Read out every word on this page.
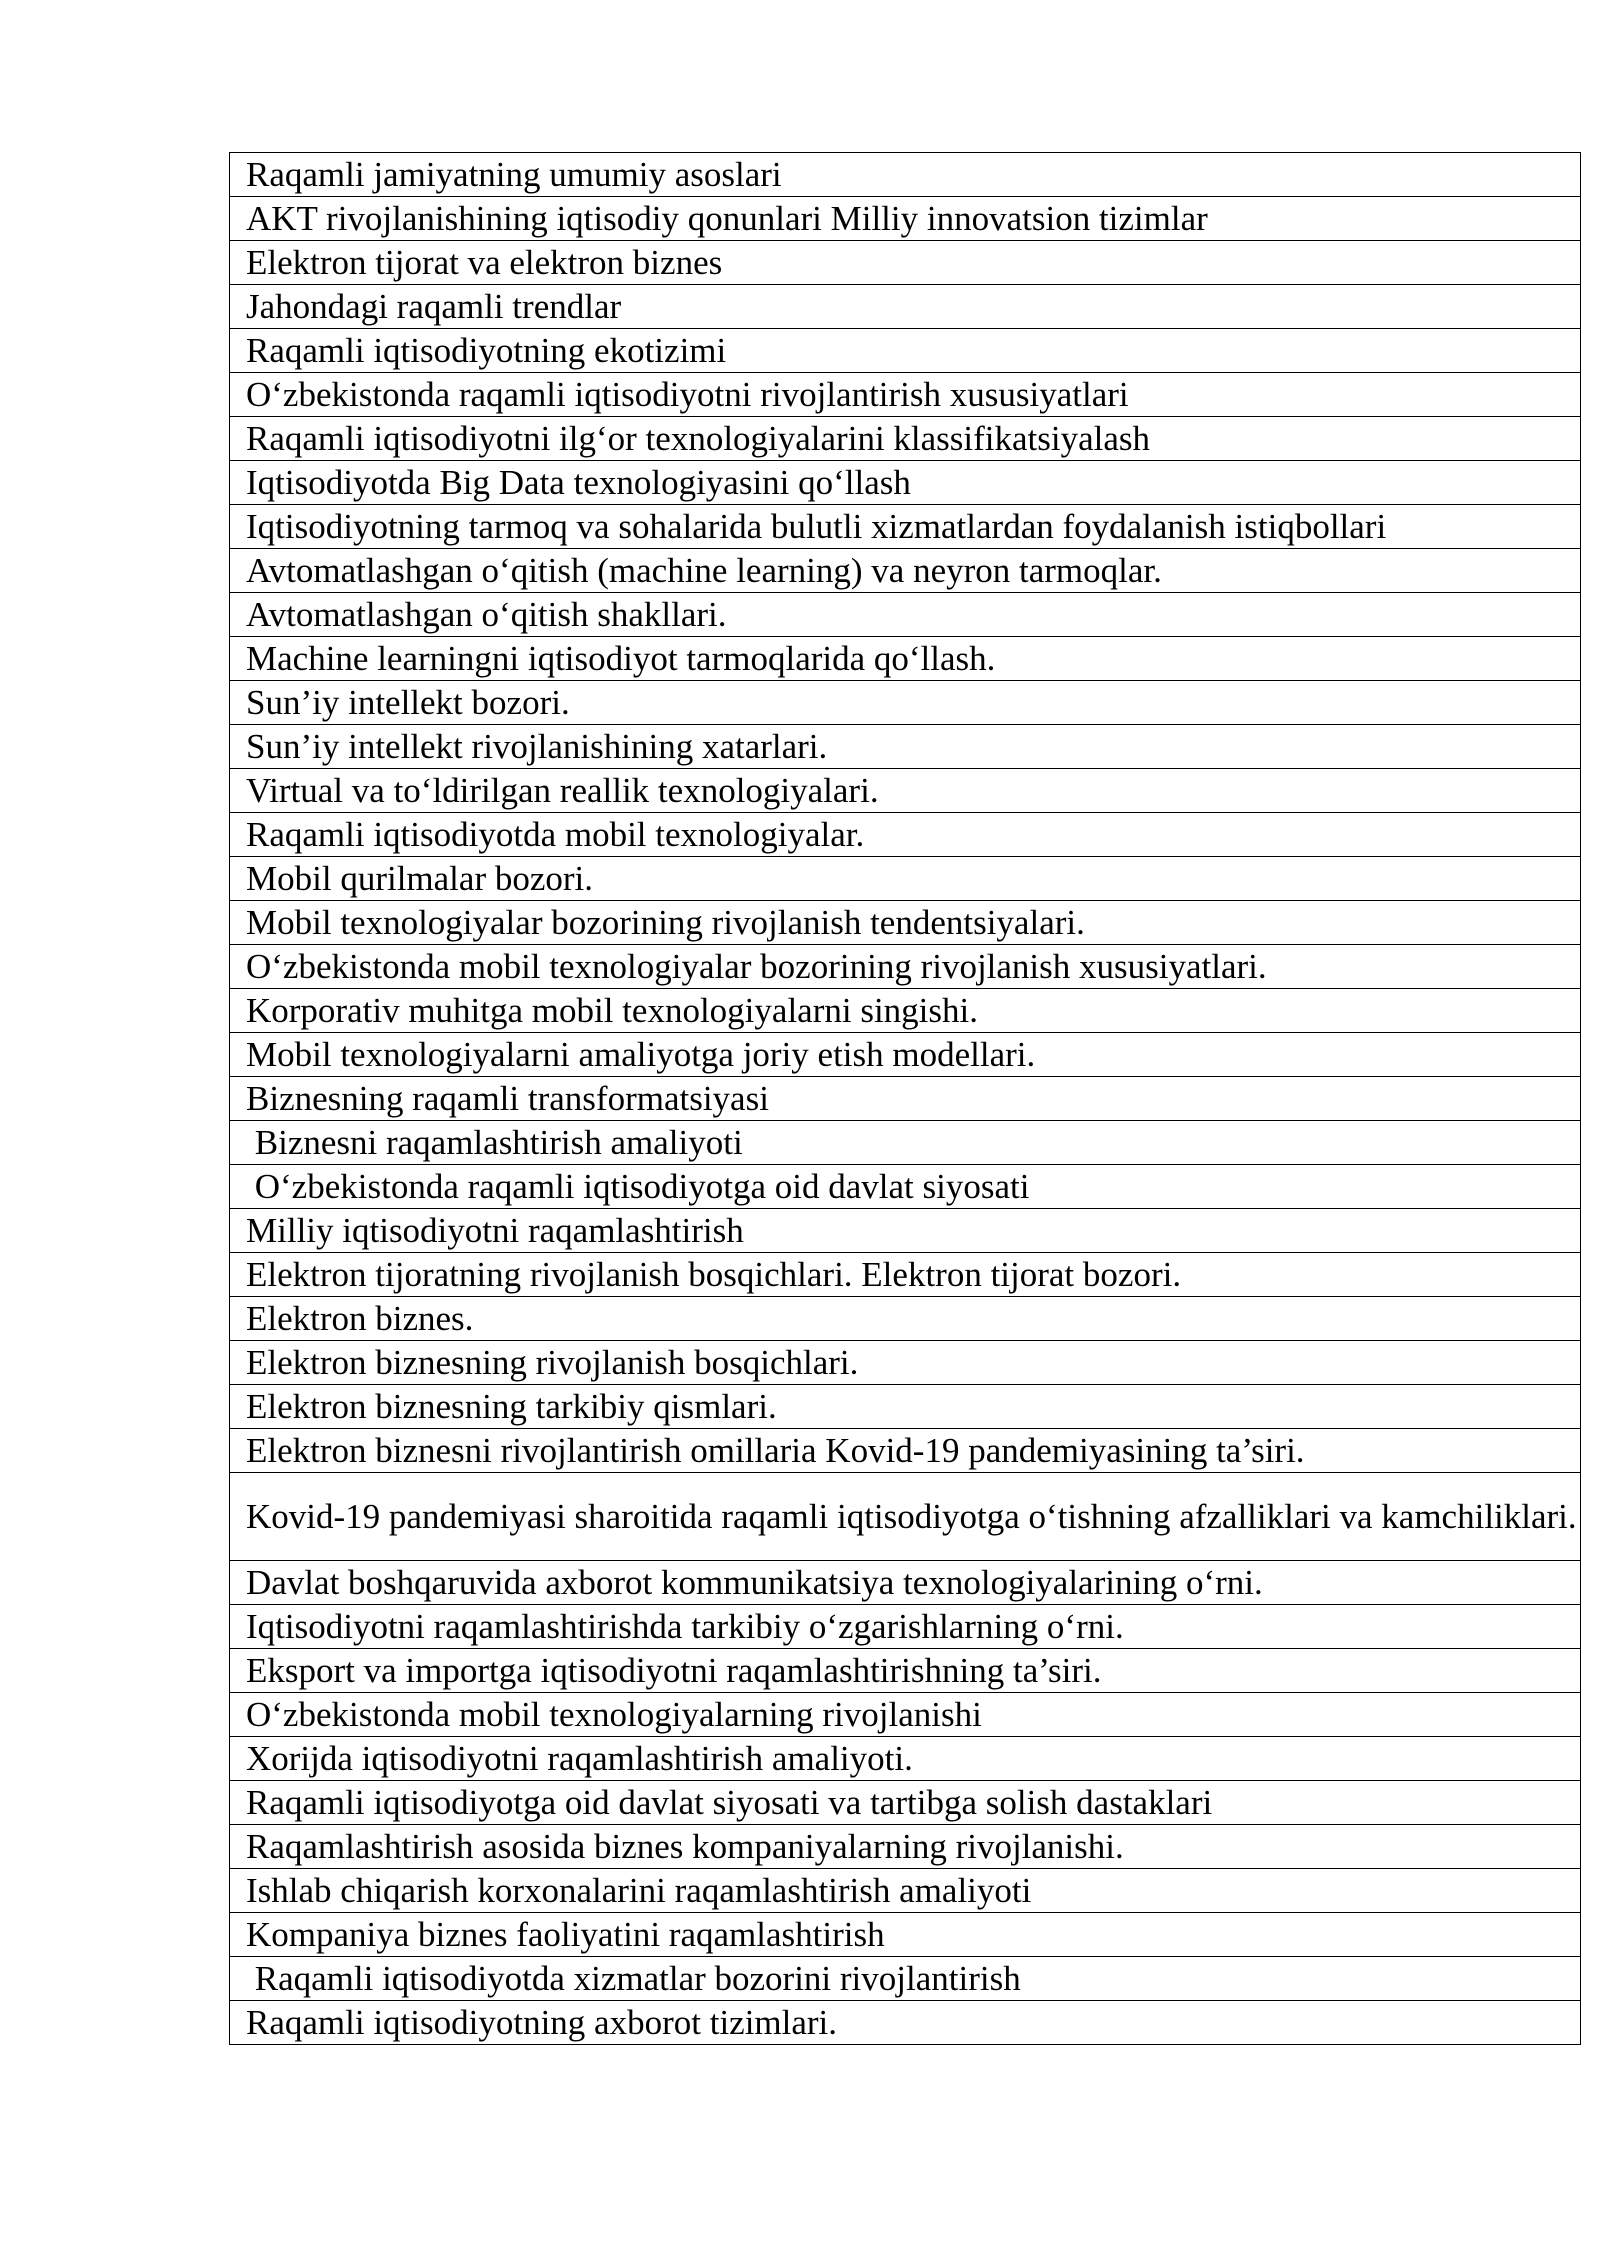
Raqamli jamiyatning umumiy asoslari
AKT rivojlanishining iqtisodiy qonunlari Milliy innovatsion tizimlar
Elektron tijorat va elektron biznes
Jahondagi raqamli trendlar
Raqamli iqtisodiyotning ekotizimi
O‘zbekistonda raqamli iqtisodiyotni rivojlantirish xususiyatlari
Raqamli iqtisodiyotni ilg‘or texnologiyalarini klassifikatsiyalash
Iqtisodiyotda Big Data texnologiyasini qo‘llash
Iqtisodiyotning tarmoq va sohalarida bulutli xizmatlardan foydalanish istiqbollari
Avtomatlashgan o‘qitish (machine learning) va neyron tarmoqlar.
Avtomatlashgan o‘qitish shakllari.
Machine learningni iqtisodiyot tarmoqlarida qo‘llash.
Sun’iy intellekt bozori.
Sun’iy intellekt rivojlanishining xatarlari.
Virtual va to‘ldirilgan reallik texnologiyalari.
Raqamli iqtisodiyotda mobil texnologiyalar.
Mobil qurilmalar bozori.
Mobil texnologiyalar bozorining rivojlanish tendentsiyalari.
O‘zbekistonda mobil texnologiyalar bozorining rivojlanish xususiyatlari.
Korporativ muhitga mobil texnologiyalarni singishi.
Mobil texnologiyalarni amaliyotga joriy etish modellari.
Biznesning raqamli transformatsiyasi
Biznesni raqamlashtirish amaliyoti
O‘zbekistonda raqamli iqtisodiyotga oid davlat siyosati
Milliy iqtisodiyotni raqamlashtirish
Elektron tijoratning rivojlanish bosqichlari. Elektron tijorat bozori.
Elektron biznes.
Elektron biznesning rivojlanish bosqichlari.
Elektron biznesning tarkibiy qismlari.
Elektron biznesni rivojlantirish omillaria Kovid-19 pandemiyasining ta’siri.
Kovid-19 pandemiyasi sharoitida raqamli iqtisodiyotga o‘tishning afzalliklari va kamchiliklari.
Davlat boshqaruvida axborot kommunikatsiya texnologiyalarining o‘rni.
Iqtisodiyotni raqamlashtirishda tarkibiy o‘zgarishlarning o‘rni.
Eksport va importga iqtisodiyotni raqamlashtirishning ta’siri.
O‘zbekistonda mobil texnologiyalarning rivojlanishi
Xorijda iqtisodiyotni raqamlashtirish amaliyoti.
Raqamli iqtisodiyotga oid davlat siyosati va tartibga solish dastaklari
Raqamlashtirish asosida biznes kompaniyalarning rivojlanishi.
Ishlab chiqarish korxonalarini raqamlashtirish amaliyoti
Kompaniya biznes faoliyatini raqamlashtirish
Raqamli iqtisodiyotda xizmatlar bozorini rivojlantirish
Raqamli iqtisodiyotning axborot tizimlari.
